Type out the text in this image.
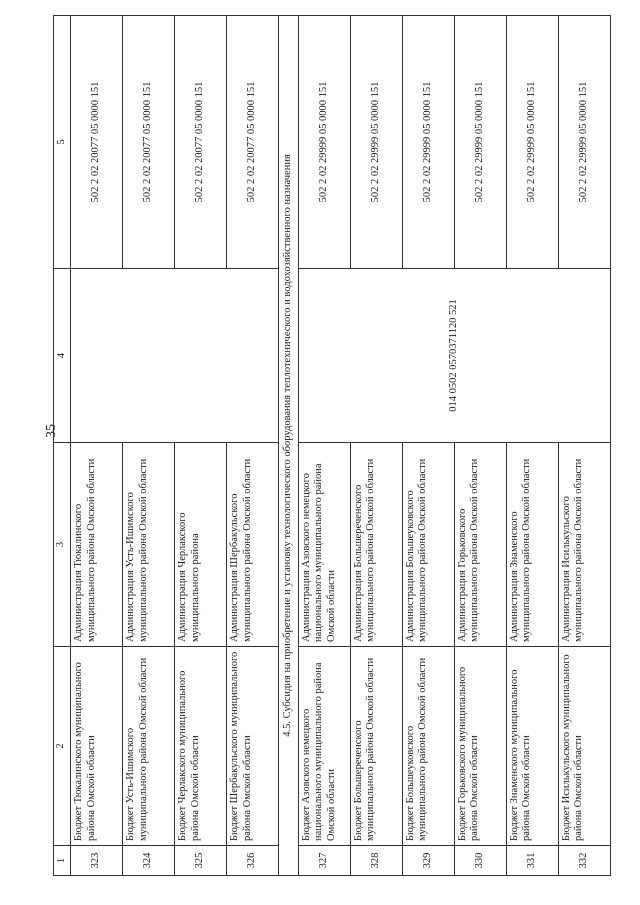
35
1	2	3	4	5
323	Бюджет Тюкалинского муниципального района Омской области	Администрация Тюкалинского муниципального района Омской области		502 2 02 20077 05 0000 151
324	Бюджет Усть-Ишимского муниципального района Омской области	Администрация Усть-Ишимского муниципального района Омской области		502 2 02 20077 05 0000 151
325	Бюджет Черлакского муниципального района Омской области	Администрация Черлакского муниципального района		502 2 02 20077 05 0000 151
326	Бюджет Шербакульского муниципального района Омской области	Администрация Шербакульского муниципального района Омской области		502 2 02 20077 05 0000 151
4.5. Субсидия на приобретение и установку технологического оборудования теплотехнического и водохозяйственного назначения				
327	Бюджет Азовского немецкого национального муниципального района Омской области	Администрация Азовского немецкого национального муниципального района Омской области	014 0502 0570371120 521	502 2 02 29999 05 0000 151
328	Бюджет Большереченского муниципального района Омской области	Администрация Большереченского муниципального района Омской области		502 2 02 29999 05 0000 151
329	Бюджет Большеуковского муниципального района Омской области	Администрация Большеуковского муниципального района Омской области		502 2 02 29999 05 0000 151
330	Бюджет Горьковского муниципального района Омской области	Администрация Горьковского муниципального района Омской области		502 2 02 29999 05 0000 151
331	Бюджет Знаменского муниципального района Омской области	Администрация Знаменского муниципального района Омской области		502 2 02 29999 05 0000 151
332	Бюджет Исилькульского муниципального района Омской области	Администрация Исилькульского муниципального района Омской области		502 2 02 29999 05 0000 151
